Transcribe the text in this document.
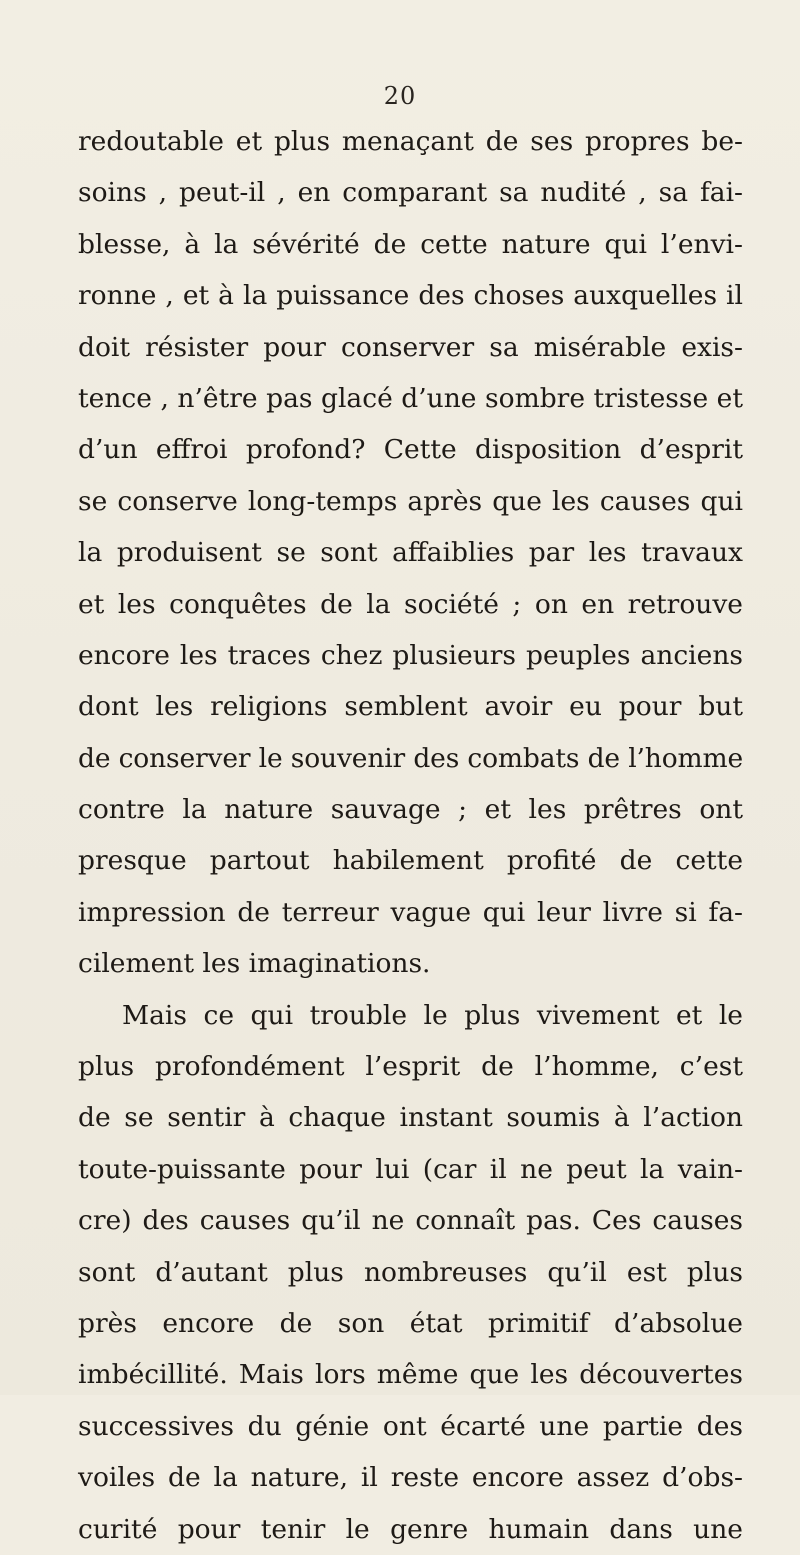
20
redoutable et plus menaçant de ses propres be-
soins , peut-il , en comparant sa nudité , sa fai-
blesse, à la sévérité de cette nature qui l’envi-
ronne , et à la puissance des choses auxquelles il
doit résister pour conserver sa misérable exis-
tence , n’être pas glacé d’une sombre tristesse et
d’un effroi profond? Cette disposition d’esprit
se conserve long-temps après que les causes qui
la produisent se sont affaiblies par les travaux
et les conquêtes de la société ; on en retrouve
encore les traces chez plusieurs peuples anciens
dont les religions semblent avoir eu pour but
de conserver le souvenir des combats de l’homme
contre la nature sauvage ; et les prêtres ont
presque partout habilement profité de cette
impression de terreur vague qui leur livre si fa-
cilement les imaginations.
Mais ce qui trouble le plus vivement et le
plus profondément l’esprit de l’homme, c’est
de se sentir à chaque instant soumis à l’action
toute-puissante pour lui (car il ne peut la vain-
cre) des causes qu’il ne connaît pas. Ces causes
sont d’autant plus nombreuses qu’il est plus
près encore de son état primitif d’absolue
imbécillité. Mais lors même que les découvertes
successives du génie ont écarté une partie des
voiles de la nature, il reste encore assez d’obs-
curité pour tenir le genre humain dans une
